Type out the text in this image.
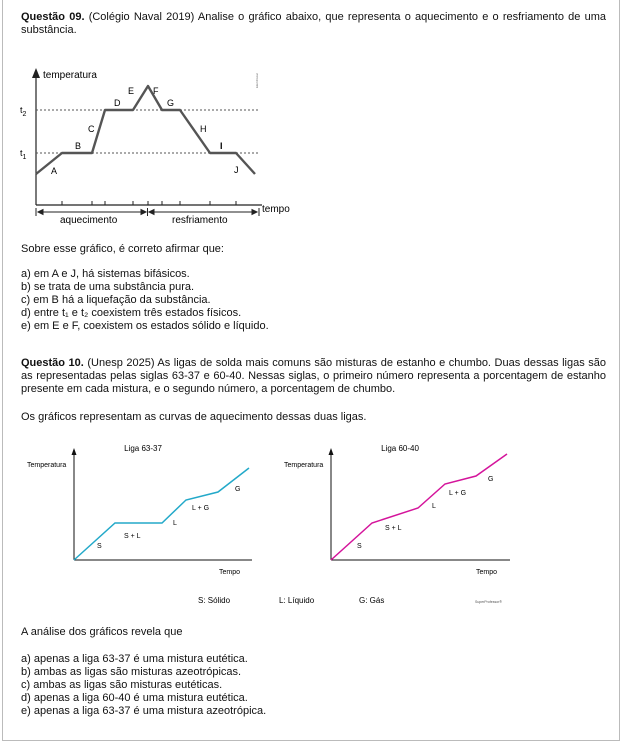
Questão 09. (Colégio Naval 2019) Analise o gráfico abaixo, que representa o aquecimento e o resfriamento de uma substância.
temperatura
$t_2$
$t_1$
A
B
C
D
E F
G
H
I
J
tempo
aquecimento	resfriamento
ElemFiscal
Sobre esse gráfico, é correto afirmar que:
a) em A e J, há sistemas bifásicos.
b) se trata de uma substância pura.
c) em B há a liquefação da substância.
d) entre t₁ e t₂ coexistem três estados físicos.
e) em E e F, coexistem os estados sólido e líquido.
Questão 10. (Unesp 2025) As ligas de solda mais comuns são misturas de estanho e chumbo. Duas dessas ligas são as representadas pelas siglas 63-37 e 60-40. Nessas siglas, o primeiro número representa a porcentagem de estanho presente em cada mistura, e o segundo número, a porcentagem de chumbo.
Os gráficos representam as curvas de aquecimento dessas duas ligas.
Liga 63-37
Temperatura
Tempo
S
S + L
L
L + G
G
Liga 60-40
Temperatura
Tempo
S
S + L
L
L + G
G
S: Sólido	L: Líquido	G: Gás	SuperProfessor®
A análise dos gráficos revela que
a) apenas a liga 63-37 é uma mistura eutética.
b) ambas as ligas são misturas azeotrópicas.
c) ambas as ligas são misturas eutéticas.
d) apenas a liga 60-40 é uma mistura eutética.
e) apenas a liga 63-37 é uma mistura azeotrópica.
